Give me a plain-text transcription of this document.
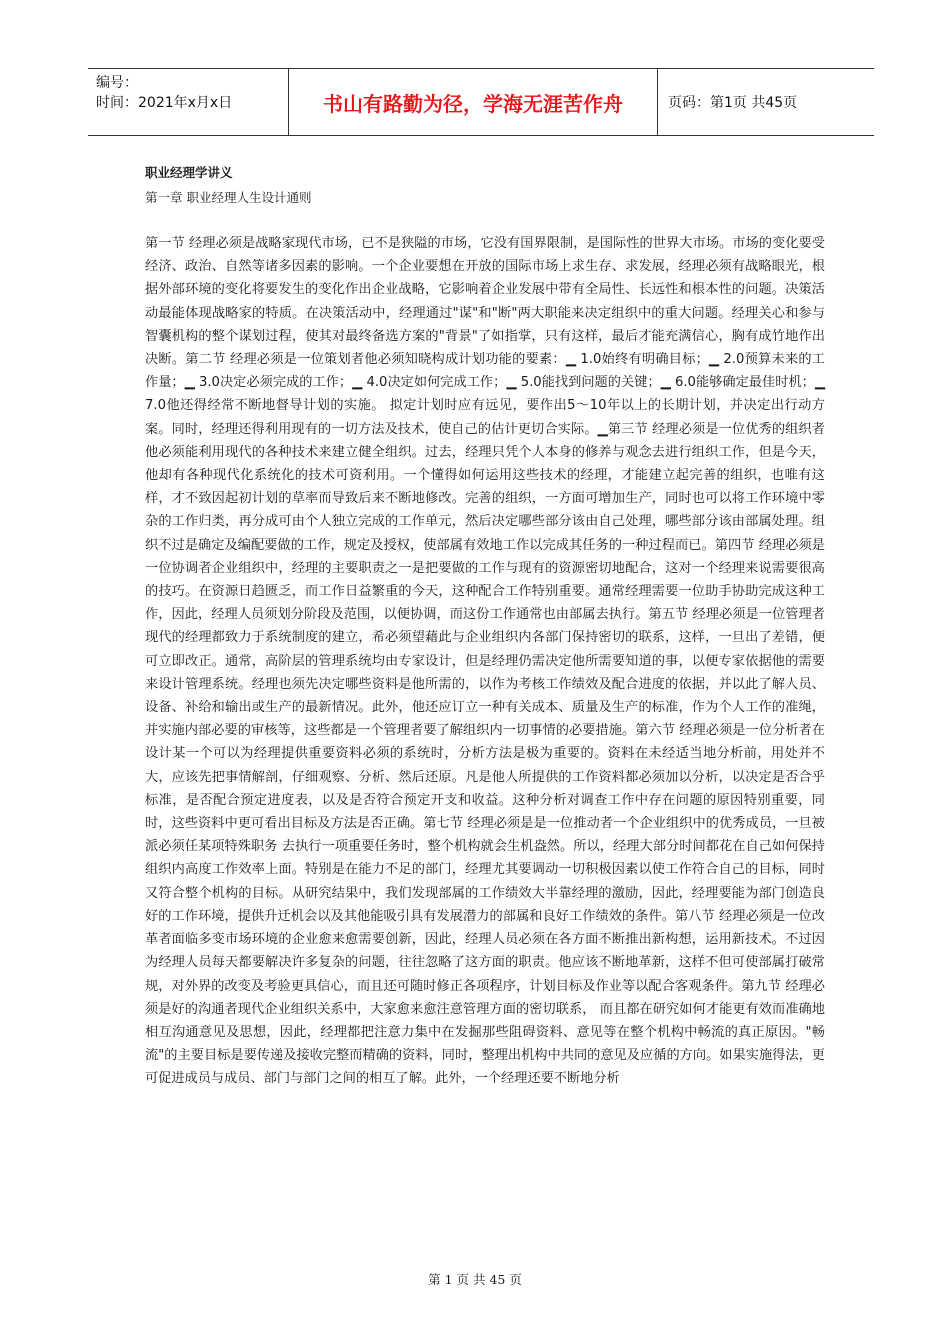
编号：
时间：2021年x月x日	书山有路勤为径，学海无涯苦作舟	页码：第1页 共45页
职业经理学讲义
第一章 职业经理人生设计通则
第一节 经理必须是战略家现代市场，已不是狭隘的市场，它没有国界限制，是国际性的世界大市场。市场的变化要受经济、政治、自然等诸多因素的影响。一个企业要想在开放的国际市场上求生存、求发展，经理必须有战略眼光，根据外部环境的变化将要发生的变化作出企业战略，它影响着企业发展中带有全局性、长远性和根本性的问题。决策活动最能体现战略家的特质。在决策活动中，经理通过"谋"和"断"两大职能来决定组织中的重大问题。经理关心和参与智囊机构的整个谋划过程，使其对最终备选方案的"背景"了如指掌，只有这样，最后才能充满信心，胸有成竹地作出决断。第二节 经理必须是一位策划者他必须知晓构成计划功能的要素：▁ 1.0始终有明确目标；▁ 2.0预算未来的工作量；▁ 3.0决定必须完成的工作；▁ 4.0决定如何完成工作；▁ 5.0能找到问题的关键；▁ 6.0能够确定最佳时机；▁ 7.0他还得经常不断地督导计划的实施。 拟定计划时应有远见，要作出5～10年以上的长期计划，并决定出行动方案。同时，经理还得利用现有的一切方法及技术，使自己的估计更切合实际。▁第三节 经理必须是一位优秀的组织者他必须能利用现代的各种技术来建立健全组织。过去，经理只凭个人本身的修养与观念去进行组织工作，但是今天，他却有各种现代化系统化的技术可资利用。一个懂得如何运用这些技术的经理，才能建立起完善的组织，也唯有这样，才不致因起初计划的草率而导致后来不断地修改。完善的组织，一方面可增加生产，同时也可以将工作环境中零杂的工作归类，再分成可由个人独立完成的工作单元，然后决定哪些部分该由自己处理，哪些部分该由部属处理。组织不过是确定及编配要做的工作，规定及授权，使部属有效地工作以完成其任务的一种过程而已。第四节 经理必须是一位协调者企业组织中，经理的主要职责之一是把要做的工作与现有的资源密切地配合，这对一个经理来说需要很高的技巧。在资源日趋匮乏，而工作日益繁重的今天，这种配合工作特别重要。通常经理需要一位助手协助完成这种工作，因此，经理人员须划分阶段及范围，以便协调，而这份工作通常也由部属去执行。第五节 经理必须是一位管理者现代的经理都致力于系统制度的建立，希必须望藉此与企业组织内各部门保持密切的联系，这样，一旦出了差错，便可立即改正。通常，高阶层的管理系统均由专家设计，但是经理仍需决定他所需要知道的事，以便专家依据他的需要来设计管理系统。经理也须先决定哪些资料是他所需的，以作为考核工作绩效及配合进度的依据，并以此了解人员、设备、补给和输出或生产的最新情况。此外，他还应订立一种有关成本、质量及生产的标准，作为个人工作的准绳，并实施内部必要的审核等，这些都是一个管理者要了解组织内一切事情的必要措施。第六节 经理必须是一位分析者在设计某一个可以为经理提供重要资料必须的系统时，分析方法是极为重要的。资料在未经适当地分析前，用处并不大，应该先把事情解剖，仔细观察、分析、然后还原。凡是他人所提供的工作资料都必须加以分析，以决定是否合乎标准，是否配合预定进度表，以及是否符合预定开支和收益。这种分析对调查工作中存在问题的原因特别重要，同时，这些资料中更可看出目标及方法是否正确。第七节 经理必须是是一位推动者一个企业组织中的优秀成员，一旦被派必须任某项特殊职务 去执行一项重要任务时，整个机构就会生机盎然。所以，经理大部分时间都花在自己如何保持组织内高度工作效率上面。特别是在能力不足的部门，经理尤其要调动一切积极因素以使工作符合自己的目标，同时又符合整个机构的目标。从研究结果中，我们发现部属的工作绩效大半靠经理的激励，因此，经理要能为部门创造良好的工作环境，提供升迁机会以及其他能吸引具有发展潜力的部属和良好工作绩效的条件。第八节 经理必须是一位改革者面临多变市场环境的企业愈来愈需要创新，因此，经理人员必须在各方面不断推出新构想，运用新技术。不过因为经理人员每天都要解决许多复杂的问题，往往忽略了这方面的职责。他应该不断地革新，这样不但可使部属打破常规，对外界的改变及考验更具信心，而且还可随时修正各项程序，计划目标及作业等以配合客观条件。第九节 经理必须是好的沟通者现代企业组织关系中，大家愈来愈注意管理方面的密切联系， 而且都在研究如何才能更有效而准确地相互沟通意见及思想，因此，经理都把注意力集中在发掘那些阻碍资料、意见等在整个机构中畅流的真正原因。"畅流"的主要目标是要传递及接收完整而精确的资料，同时，整理出机构中共同的意见及应循的方向。如果实施得法，更可促进成员与成员、部门与部门之间的相互了解。此外，一个经理还要不断地分析
第 1 页 共 45 页
